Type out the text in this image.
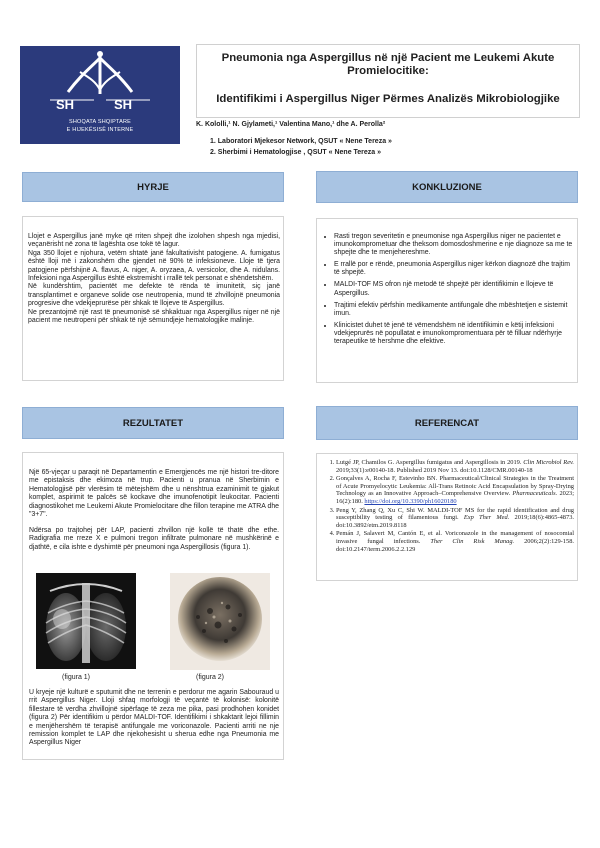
SH	SH
SHOQATA SHQIPTARE
E HIJEKËSISË INTERNE
Pneumonia nga Aspergillus në një Pacient me Leukemi Akute Promielocitike:
Identifikimi i Aspergillus Niger Përmes Analizës Mikrobiologjike
K. Kololli,¹ N. Gjylameti,¹ Valentina Mano,¹ dhe A. Perolla²
1. Laboratori Mjekesor Network, QSUT « Nene Tereza »
2. Sherbimi i Hematologjise , QSUT « Nene Tereza »
HYRJE
Llojet e Aspergillus janë myke që rriten shpejt dhe izolohen shpesh nga mjedisi, veçanërisht në zona të lagështa ose tokë të lagur.
Nga 350 llojet e njohura, vetëm shtatë janë fakultativisht patogjene. A. fumigatus është lloji më i zakonshëm dhe gjendet në 90% të infeksioneve. Lloje të tjera patogjene përfshijnë A. flavus, A. niger, A. oryzaea, A. versicolor, dhe A. nidulans. Infeksioni nga Aspergillus është ekstremisht i rrallë tek personat e shëndetshëm.
Në kundërshtim, pacientët me defekte të rënda të imunitetit, siç janë transplantimet e organeve solide ose neutropenia, mund të zhvillojnë pneumonia progresive dhe vdekjeprurëse për shkak të llojeve të Aspergillus.
Ne prezantojmë një rast të pneumonisë së shkaktuar nga Aspergillus niger në një pacient me neutropeni për shkak të një sëmundjeje hematologjike malinje.
KONKLUZIONE
• Rasti tregon severitetin e pneumonise nga Aspergillus niger ne pacientet e imunokomprometuar dhe theksom domosdoshmerine e nje diagnoze sa me te shpejte dhe te menjehereshme.
• E rrallë por e rëndë, pneumonia Aspergillus niger kërkon diagnozë dhe trajtim të shpejtë.
• MALDI-TOF MS ofron një metodë të shpejtë për identifikimin e llojeve të Aspergillus.
• Trajtimi efektiv përfshin medikamente antifungale dhe mbështetjen e sistemit imun.
• Klinicistet duhet të jenë të vëmendshëm në identifikimin e këtij infeksioni vdekjeprurës në popullatat e imunokompromentuara për të filluar ndërhyrje terapeutike të hershme dhe efektive.
REZULTATET
Një 65-vjeçar u paraqit në Departamentin e Emergjencës me një histori tre-ditore me epistaksis dhe ekimoza në trup. Pacienti u pranua në Sherbimin e Hematologjisë për vlerësim të mëtejshëm dhe u nënshtrua ezaminimit te gjakut komplet, aspirimit te palcës së kockave dhe imunofenotipit leukocitar. Pacienti diagnostikohet me Leukemi Akute Promielocitare dhe fillon terapine me ATRA dhe "3+7".
Ndërsa po trajtohej për LAP, pacienti zhvillon një kollë të thatë dhe ethe. Radigrafia me rreze X e pulmoni tregon infiltrate pulmonare në mushkërinë e djathtë, e cila ishte e dyshimtë për pneumoni nga Aspergillosis (figura 1).
(figura 1)	(figura 2)
U kryeje një kulturë e sputumit dhe ne terrenin e perdorur me agarin Sabouraud u rrit Aspergillus Niger. Lloji shfaq morfologji të veçantë të kolonisë: kolonitë fillestare të verdha zhvillojnë sipërfaqe të zeza me pika, pasi prodhohen konidet (figura 2) Për identifikim u përdor MALDI-TOF. Identifikimi i shkaktarit lejoi fillimin e menjëhershëm të terapisë antifungale me voriconazole. Pacienti arriti ne nje remission komplet te LAP dhe njekohesisht u sherua edhe nga Pneumonia me Aspergillus Niger
REFERENCAT
1. Lutgé JP, Chamilos G. Aspergillus fumigatus and Aspergillosis in 2019. Clin Microbiol Rev. 2019;33(1):e00140-18. Published 2019 Nov 13. doi:10.1128/CMR.00140-18
2. Gonçalves A, Rocha F, Estevinho BN. Pharmaceutical/Clinical Strategies in the Treatment of Acute Promyelocytic Leukemia: All-Trans Retinoic Acid Encapsulation by Spray-Drying Technology as an Innovative Approach–Comprehensive Overview. Pharmaceuticals. 2023; 16(2):180. https://doi.org/10.3390/ph16020180
3. Peng Y, Zhang Q, Xu C, Shi W. MALDI-TOF MS for the rapid identification and drug susceptibility testing of filamentous fungi. Exp Ther Med. 2019;18(6):4865-4873. doi:10.3892/etm.2019.8118
4. Pemán J, Salavert M, Cantón E, et al. Voriconazole in the management of nosocomial invasive fungal infections. Ther Clin Risk Manag. 2006;2(2):129-158. doi:10.2147/term.2006.2.2.129
